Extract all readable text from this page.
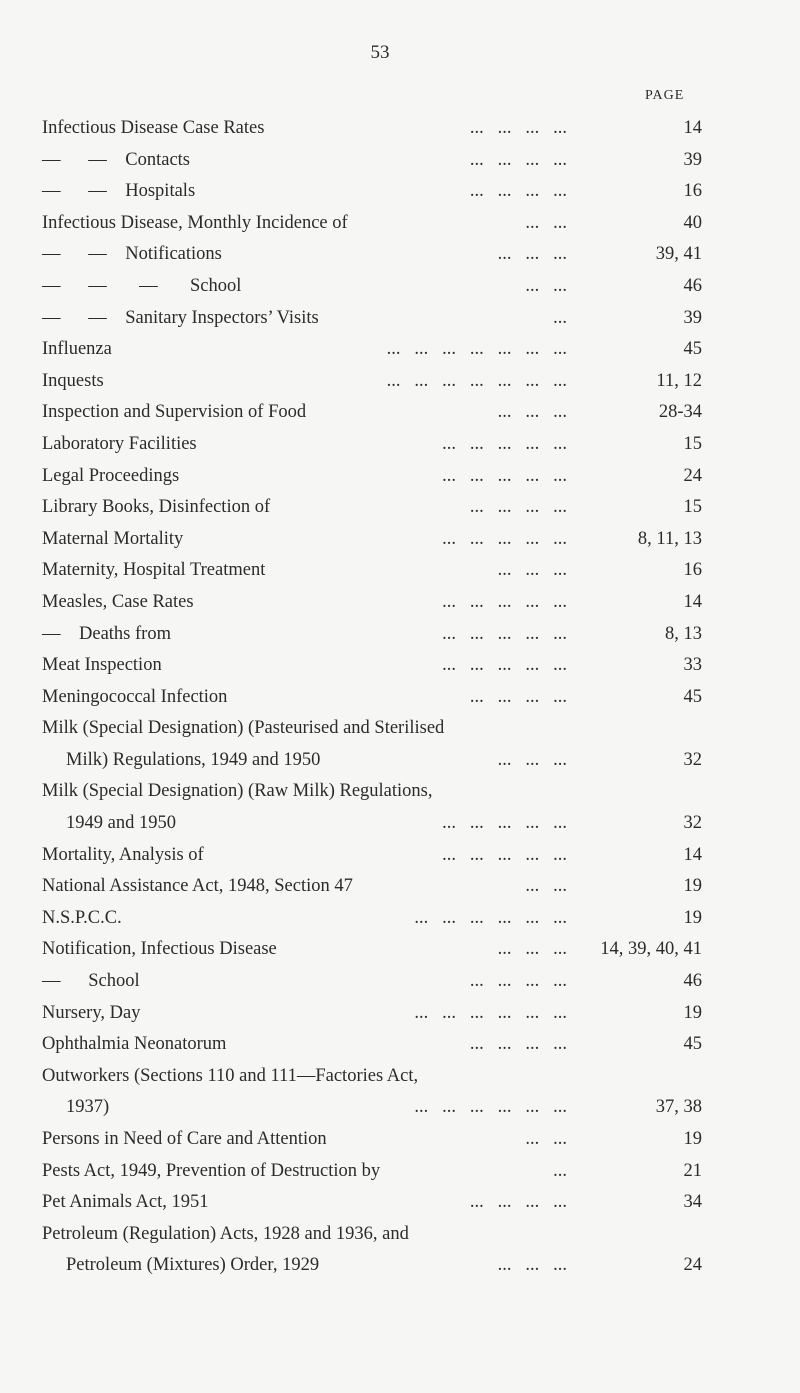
53
PAGE
Infectious Disease Case Rates	...   ...   ...   ...	14
—      —    Contacts	...   ...   ...   ...	39
—      —    Hospitals	...   ...   ...   ...	16
Infectious Disease, Monthly Incidence of	...   ...	40
—      —    Notifications	...   ...   ...	39, 41
—      —       —       School	...   ...	46
—      —    Sanitary Inspectors’ Visits	...	39
Influenza	...   ...   ...   ...   ...   ...   ...	45
Inquests	...   ...   ...   ...   ...   ...   ...	11, 12
Inspection and Supervision of Food	...   ...   ...	28-34
Laboratory Facilities	...   ...   ...   ...   ...	15
Legal Proceedings	...   ...   ...   ...   ...	24
Library Books, Disinfection of	...   ...   ...   ...	15
Maternal Mortality	...   ...   ...   ...   ...	8, 11, 13
Maternity, Hospital Treatment	...   ...   ...	16
Measles, Case Rates	...   ...   ...   ...   ...	14
—    Deaths from	...   ...   ...   ...   ...	8, 13
Meat Inspection	...   ...   ...   ...   ...	33
Meningococcal Infection	...   ...   ...   ...	45
Milk (Special Designation) (Pasteurised and Sterilised
Milk) Regulations, 1949 and 1950	...   ...   ...	32
Milk (Special Designation) (Raw Milk) Regulations,
1949 and 1950	...   ...   ...   ...   ...	32
Mortality, Analysis of	...   ...   ...   ...   ...	14
National Assistance Act, 1948, Section 47	...   ...	19
N.S.P.C.C.	...   ...   ...   ...   ...   ...	19
Notification, Infectious Disease	...   ...   ... 14, 39, 40, 41
—      School	...   ...   ...   ...	46
Nursery, Day	...   ...   ...   ...   ...   ...	19
Ophthalmia Neonatorum	...   ...   ...   ...	45
Outworkers (Sections 110 and 111—Factories Act,
1937)	...   ...   ...   ...   ...   ...	37, 38
Persons in Need of Care and Attention	...   ...	19
Pests Act, 1949, Prevention of Destruction by	...	21
Pet Animals Act, 1951	...   ...   ...   ...	34
Petroleum (Regulation) Acts, 1928 and 1936, and
Petroleum (Mixtures) Order, 1929	...   ...   ...	24
